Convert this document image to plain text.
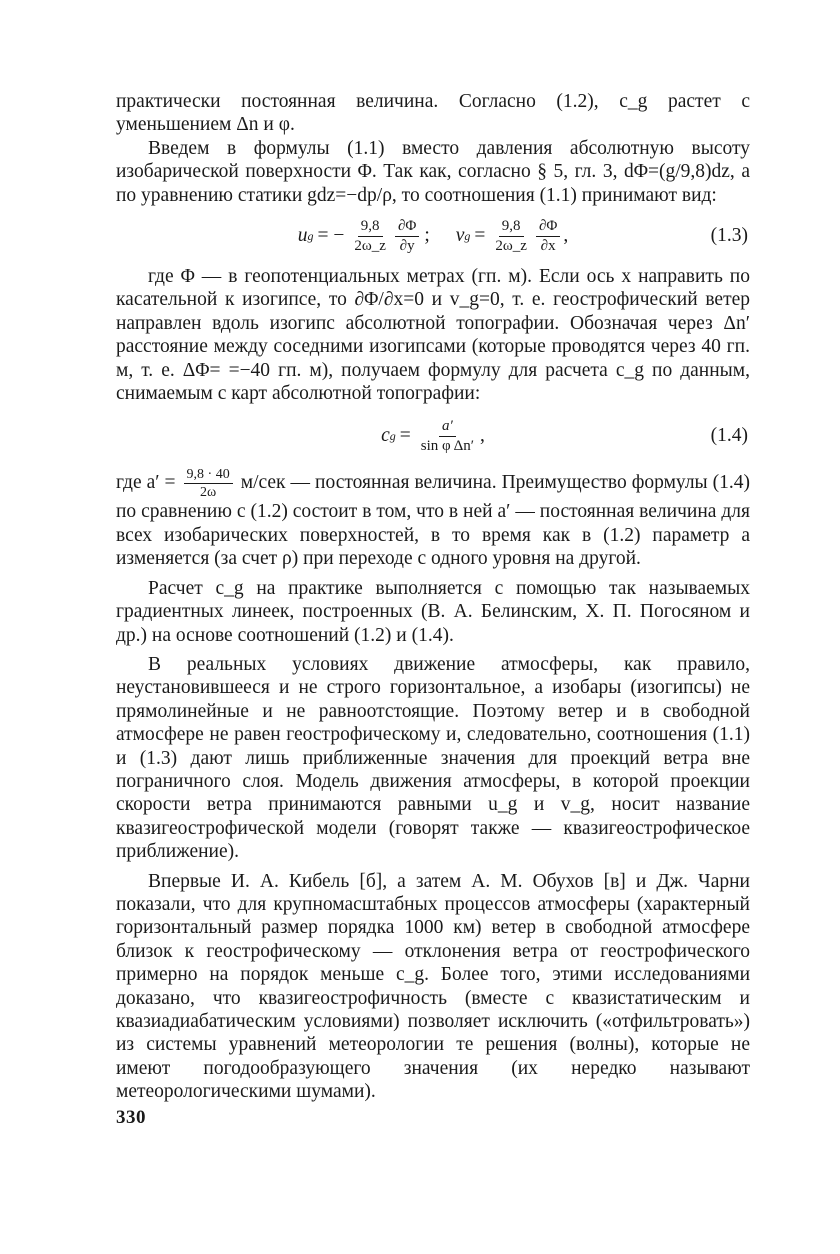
практически постоянная величина. Согласно (1.2), c_g растет с уменьшением Δn и φ.

Введем в формулы (1.1) вместо давления абсолютную высоту изобарической поверхности Φ. Так как, согласно § 5, гл. 3, dΦ=(g/9,8)dz, а по уравнению статики gdz=−dp/ρ, то соотношения (1.1) принимают вид:

u g = − $\frac{9,8}{2\omega\_z} \frac{\partial\Phi}{\partial y}$ ; v $g = \frac{9,8}{2\omega\_z} \frac{\partial\Phi}{\partial x}$ ,	(1.3)

где Φ — в геопотенциальных метрах (гп. м). Если ось x направить по касательной к изогипсе, то ∂Φ/∂x=0 и v_g=0, т. е. геострофический ветер направлен вдоль изогипс абсолютной топографии. Обозначая через Δn′ расстояние между соседними изогипсами (которые проводятся через 40 гп. м, т. е. ΔΦ= =−40 гп. м), получаем формулу для расчета c_g по данным, снимаемым с карт абсолютной топографии:

c $g = \frac{a'}{\text{sin φ Δn′}}$ ,	(1.4)

где $a' = \frac{9,8 \cdot 40}{2\omega} м/сек$ — постоянная величина. Преимущество формулы (1.4) по сравнению с (1.2) состоит в том, что в ней a′ — постоянная величина для всех изобарических поверхностей, в то время как в (1.2) параметр a изменяется (за счет ρ) при переходе с одного уровня на другой.

Расчет c_g на практике выполняется с помощью так называемых градиентных линеек, построенных (В. А. Белинским, Х. П. Погосяном и др.) на основе соотношений (1.2) и (1.4).

В реальных условиях движение атмосферы, как правило, неустановившееся и не строго горизонтальное, а изобары (изогипсы) не прямолинейные и не равноотстоящие. Поэтому ветер и в свободной атмосфере не равен геострофическому и, следовательно, соотношения (1.1) и (1.3) дают лишь приближенные значения для проекций ветра вне пограничного слоя. Модель движения атмосферы, в которой проекции скорости ветра принимаются равными u_g и v_g, носит название квазигеострофической модели (говорят также — квазигеострофическое приближение).

Впервые И. А. Кибель [б], а затем А. М. Обухов [в] и Дж. Чарни показали, что для крупномасштабных процессов атмосферы (характерный горизонтальный размер порядка 1000 км) ветер в свободной атмосфере близок к геострофическому — отклонения ветра от геострофического примерно на порядок меньше c_g. Более того, этими исследованиями доказано, что квазигеострофичность (вместе с квазистатическим и квазиадиабатическим условиями) позволяет исключить («отфильтровать») из системы уравнений метеорологии те решения (волны), которые не имеют погодообразующего значения (их нередко называют метеорологическими шумами).

330
